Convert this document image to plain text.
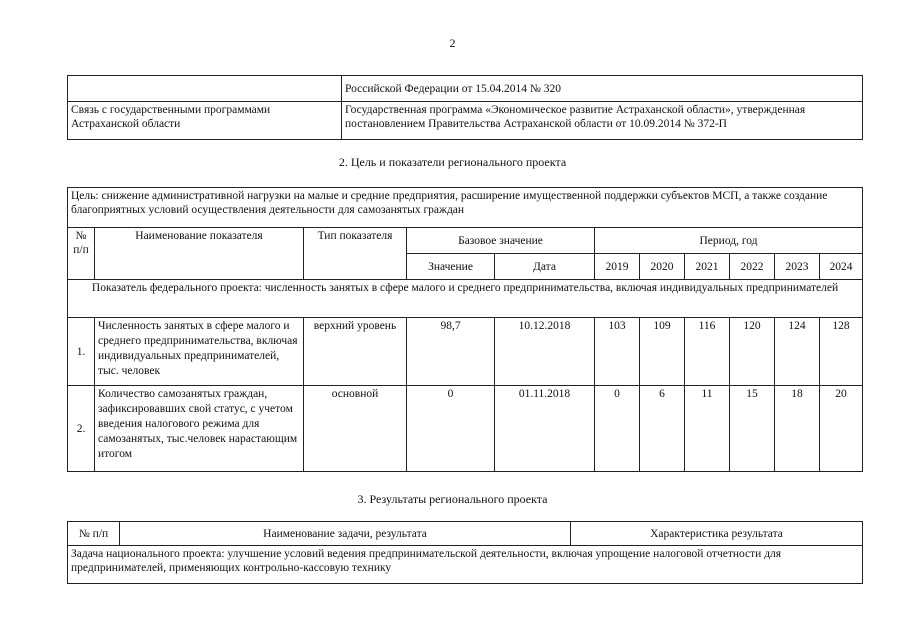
2
	Российской Федерации от 15.04.2014 № 320
Связь с государственными программами Астраханской области	Государственная программа «Экономическое развитие Астраханской области», утвержденная постановлением Правительства Астраханской области от 10.09.2014 № 372-П
2. Цель и показатели регионального проекта
Цель: снижение административной нагрузки на малые и средние предприятия, расширение имущественной поддержки субъектов МСП, а также создание благоприятных условий осуществления деятельности для самозанятых граждан										
№ п/п	Наименование показателя	Тип показателя	Базовое значение		Период, год					
			Значение	Дата	2019	2020	2021	2022	2023	2024
Показатель федерального проекта: численность занятых в сфере малого и среднего предпринимательства, включая индивидуальных предпринимателей										
1.	Численность занятых в сфере малого и среднего предпринимательства, включая индивидуальных предпринимателей, тыс. человек	верхний уровень	98,7	10.12.2018	103	109	116	120	124	128
2.	Количество самозанятых граждан, зафиксировавших свой статус, с учетом введения налогового режима для самозанятых, тыс.человек нарастающим итогом	основной	0	01.11.2018	0	6	11	15	18	20
3. Результаты регионального проекта
№ п/п	Наименование задачи, результата	Характеристика результата
Задача национального проекта: улучшение условий ведения предпринимательской деятельности, включая упрощение налоговой отчетности для предпринимателей, применяющих контрольно-кассовую технику
